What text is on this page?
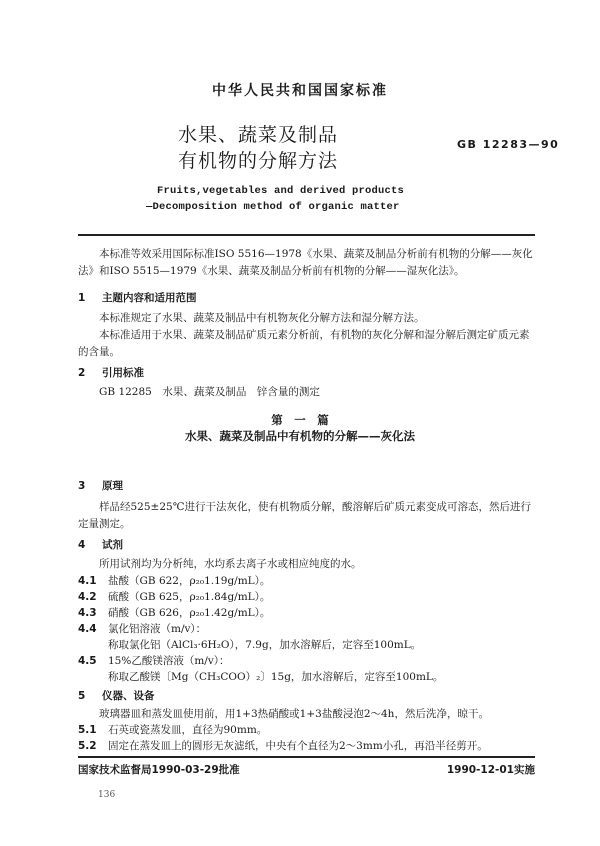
中华人民共和国国家标准
水果、蔬菜及制品
有机物的分解方法
GB 12283—90
Fruits,vegetables and derived products
—Decomposition method of organic matter
本标准等效采用国际标准ISO 5516—1978《水果、蔬菜及制品分析前有机物的分解——灰化法》和ISO 5515—1979《水果、蔬菜及制品分析前有机物的分解——湿灰化法》。
1 主题内容和适用范围
本标准规定了水果、蔬菜及制品中有机物灰化分解方法和湿分解方法。
本标准适用于水果、蔬菜及制品矿质元素分析前，有机物的灰化分解和湿分解后测定矿质元素的含量。
2 引用标准
GB 12285　水果、蔬菜及制品　锌含量的测定
第　一　篇
水果、蔬菜及制品中有机物的分解——灰化法
3 原理
样品经525±25℃进行干法灰化，使有机物质分解，酸溶解后矿质元素变成可溶态，然后进行定量测定。
4 试剂
所用试剂均为分析纯，水均系去离子水或相应纯度的水。
4.1 盐酸（GB 622，ρ₂₀1.19g/mL）。
4.2 硫酸（GB 625，ρ₂₀1.84g/mL）。
4.3 硝酸（GB 626，ρ₂₀1.42g/mL）。
4.4 氯化铝溶液（m/v）：
称取氯化铝（AlCl₃·6H₂O），7.9g，加水溶解后，定容至100mL。
4.5 15%乙酸镁溶液（m/v）：
称取乙酸镁〔Mg（CH₃COO）₂〕15g，加水溶解后，定容至100mL。
5 仪器、设备
玻璃器皿和蒸发皿使用前，用1+3热硝酸或1+3盐酸浸泡2～4h，然后洗净，晾干。
5.1 石英或瓷蒸发皿，直径为90mm。
5.2 固定在蒸发皿上的圆形无灰滤纸，中央有个直径为2～3mm小孔，再沿半径剪开。
国家技术监督局1990-03-29批准	1990-12-01实施
136
